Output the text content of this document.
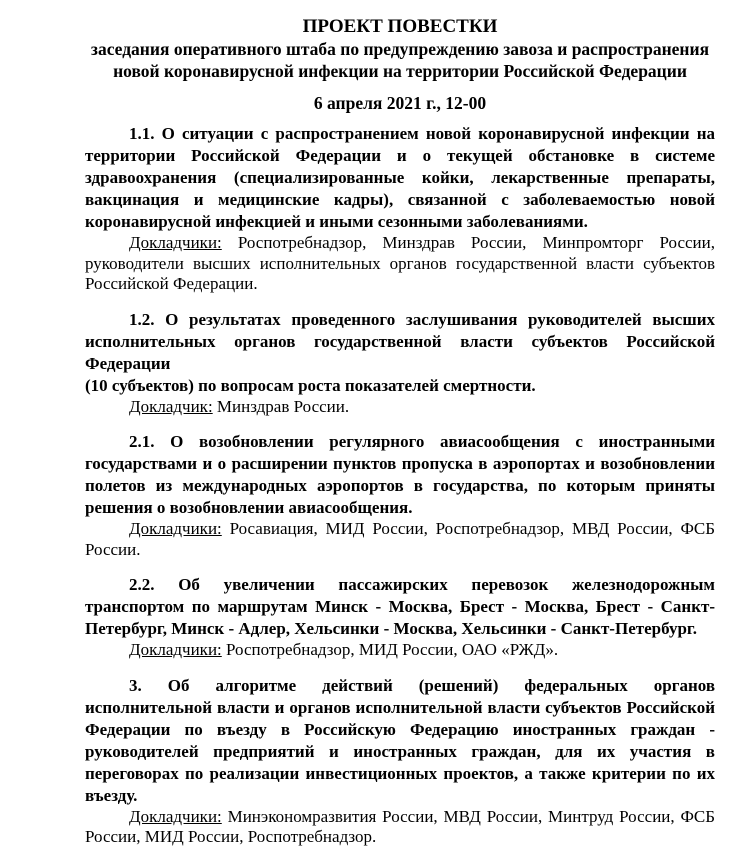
ПРОЕКТ ПОВЕСТКИ

заседания оперативного штаба по предупреждению завоза и распространения

новой коронавирусной инфекции на территории Российской Федерации

6 апреля 2021 г., 12-00

1.1. О ситуации с распространением новой коронавирусной инфекции на территории Российской Федерации и о текущей обстановке в системе здравоохранения (специализированные койки, лекарственные препараты, вакцинация и медицинские кадры), связанной с заболеваемостью новой коронавирусной инфекцией и иными сезонными заболеваниями.

Докладчики: Роспотребнадзор, Минздрав России, Минпромторг России, руководители высших исполнительных органов государственной власти субъектов Российской Федерации.

1.2. О результатах проведенного заслушивания руководителей высших исполнительных органов государственной власти субъектов Российской Федерации

(10 субъектов) по вопросам роста показателей смертности.

Докладчик: Минздрав России.

2.1. О возобновлении регулярного авиасообщения с иностранными государствами и о расширении пунктов пропуска в аэропортах и возобновлении полетов из международных аэропортов в государства, по которым приняты решения о возобновлении авиасообщения.

Докладчики: Росавиация, МИД России, Роспотребнадзор, МВД России, ФСБ России.

2.2. Об увеличении пассажирских перевозок железнодорожным транспортом по маршрутам Минск - Москва, Брест - Москва, Брест - Санкт-Петербург, Минск - Адлер, Хельсинки - Москва, Хельсинки - Санкт-Петербург.

Докладчики: Роспотребнадзор, МИД России, ОАО «РЖД».

3. Об алгоритме действий (решений) федеральных органов исполнительной власти и органов исполнительной власти субъектов Российской Федерации по въезду в Российскую Федерацию иностранных граждан - руководителей предприятий и иностранных граждан, для их участия в переговорах по реализации инвестиционных проектов, а также критерии по их въезду.

Докладчики: Минэкономразвития России, МВД России, Минтруд России, ФСБ России, МИД России, Роспотребнадзор.
